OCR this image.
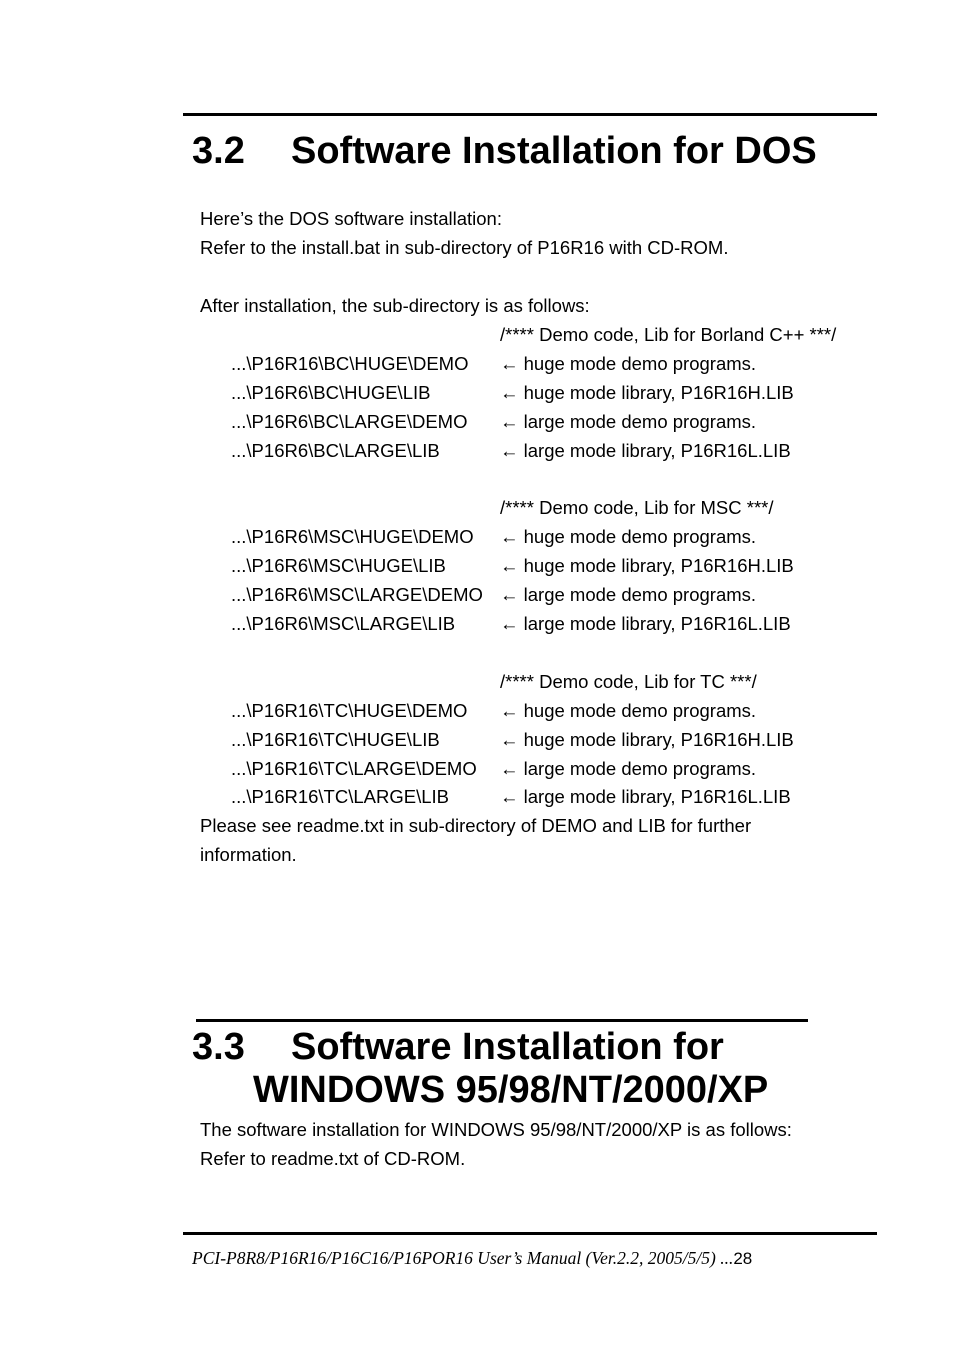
3.2 Software Installation for DOS
Here’s the DOS software installation:
Refer to the install.bat in sub-directory of P16R16 with CD-ROM.
After installation, the sub-directory is as follows:
/**** Demo code, Lib for Borland C++ ***/
...\P16R16\BC\HUGE\DEMO ← huge mode demo programs.
...\P16R6\BC\HUGE\LIB	← huge mode library, P16R16H.LIB
...\P16R6\BC\LARGE\DEMO ← large mode demo programs.
...\P16R6\BC\LARGE\LIB	← large mode library, P16R16L.LIB
/**** Demo code, Lib for MSC ***/
...\P16R6\MSC\HUGE\DEMO ← huge mode demo programs.
...\P16R6\MSC\HUGE\LIB	← huge mode library, P16R16H.LIB
...\P16R6\MSC\LARGE\DEMO ← large mode demo programs.
...\P16R6\MSC\LARGE\LIB ← large mode library, P16R16L.LIB
/**** Demo code, Lib for TC ***/
...\P16R16\TC\HUGE\DEMO ← huge mode demo programs.
...\P16R16\TC\HUGE\LIB	← huge mode library, P16R16H.LIB
...\P16R16\TC\LARGE\DEMO ← large mode demo programs.
...\P16R16\TC\LARGE\LIB	← large mode library, P16R16L.LIB
Please see readme.txt in sub-directory of DEMO and LIB for further
information.
3.3 Software Installation for
WINDOWS 95/98/NT/2000/XP
The software installation for WINDOWS 95/98/NT/2000/XP is as follows:
Refer to readme.txt of CD-ROM.
PCI-P8R8/P16R16/P16C16/P16POR16 User’s Manual (Ver.2.2, 2005/5/5) ...28
